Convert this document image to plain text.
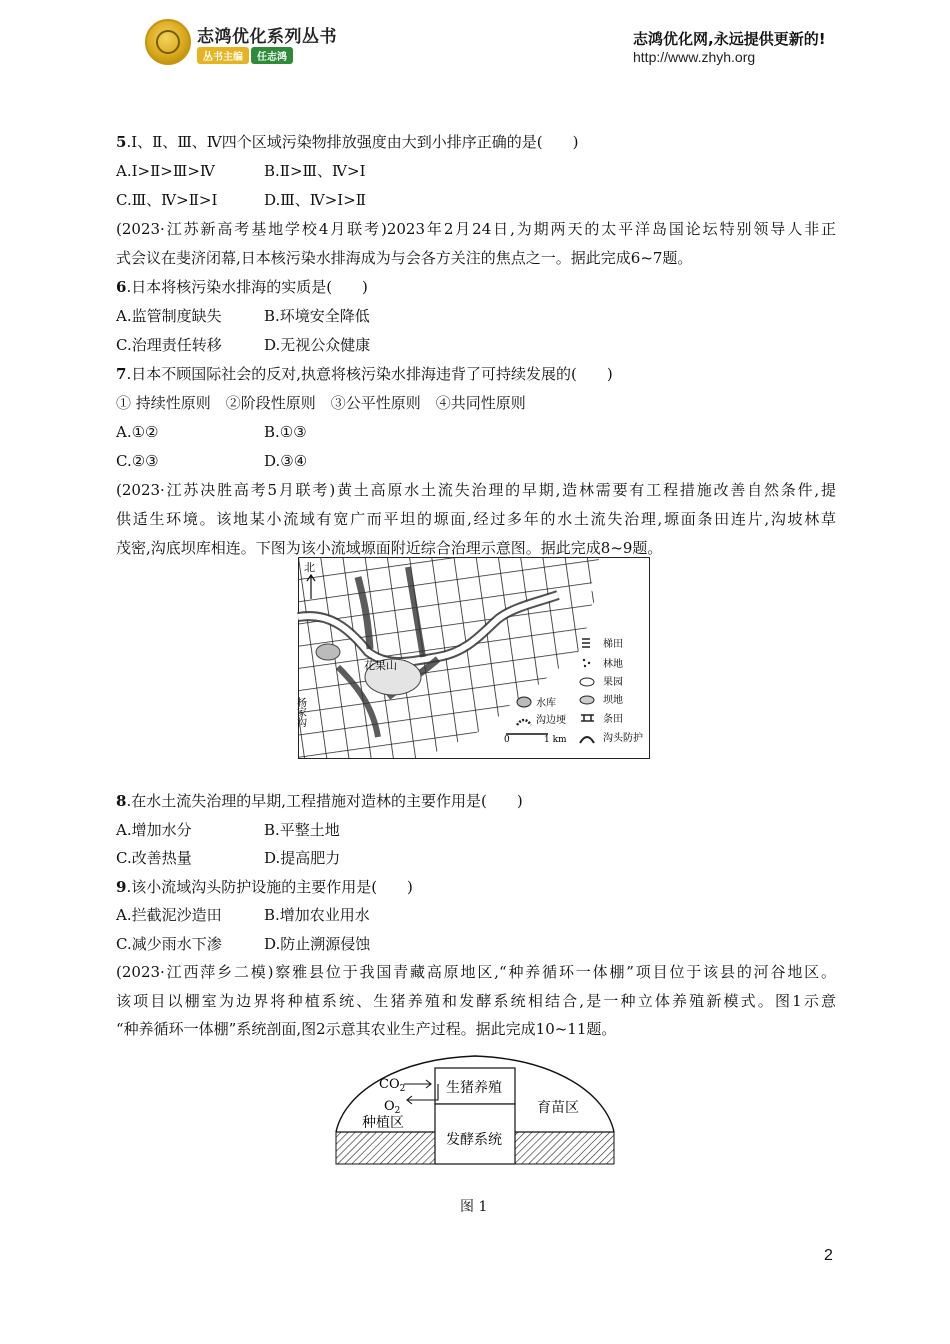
志鸿优化系列丛书
丛书主编 任志鸿
志鸿优化网,永远提供更新的!
http://www.zhyh.org
5.Ⅰ、Ⅱ、Ⅲ、Ⅳ四个区域污染物排放强度由大到小排序正确的是(　　)
A.Ⅰ>Ⅱ>Ⅲ>Ⅳ	B.Ⅱ>Ⅲ、Ⅳ>Ⅰ
C.Ⅲ、Ⅳ>Ⅱ>Ⅰ	D.Ⅲ、Ⅳ>Ⅰ>Ⅱ
(2023·江苏新高考基地学校4月联考)2023年2月24日,为期两天的太平洋岛国论坛特别领导人非正
式会议在斐济闭幕,日本核污染水排海成为与会各方关注的焦点之一。据此完成6~7题。
6.日本将核污染水排海的实质是(　　)
A.监管制度缺失	B.环境安全降低
C.治理责任转移	D.无视公众健康
7.日本不顾国际社会的反对,执意将核污染水排海违背了可持续发展的(　　)
① 持续性原则　②阶段性原则　③公平性原则　④共同性原则
A.①②	B.①③
C.②③	D.③④
(2023·江苏决胜高考5月联考)黄土高原水土流失治理的早期,造林需要有工程措施改善自然条件,提
供适生环境。该地某小流域有宽广而平坦的塬面,经过多年的水土流失治理,塬面条田连片,沟坡林草
茂密,沟底坝库相连。下图为该小流域塬面附近综合治理示意图。据此完成8~9题。
北
花果山
杨家沟
梯田
林地
果园
坝地
水库
沟边埂	条田
沟头防护
0	1 km
8.在水土流失治理的早期,工程措施对造林的主要作用是(　　)
A.增加水分	B.平整土地
C.改善热量	D.提高肥力
9.该小流域沟头防护设施的主要作用是(　　)
A.拦截泥沙造田	B.增加农业用水
C.减少雨水下渗	D.防止溯源侵蚀
(2023·江西萍乡二模)察雅县位于我国青藏高原地区,“种养循环一体棚”项目位于该县的河谷地区。
该项目以棚室为边界将种植系统、生猪养殖和发酵系统相结合,是一种立体养殖新模式。图1示意
“种养循环一体棚”系统剖面,图2示意其农业生产过程。据此完成10~11题。
生猪养殖
发酵系统
育苗区
种植区
$CO_2$
$O_2$
图 1
2
